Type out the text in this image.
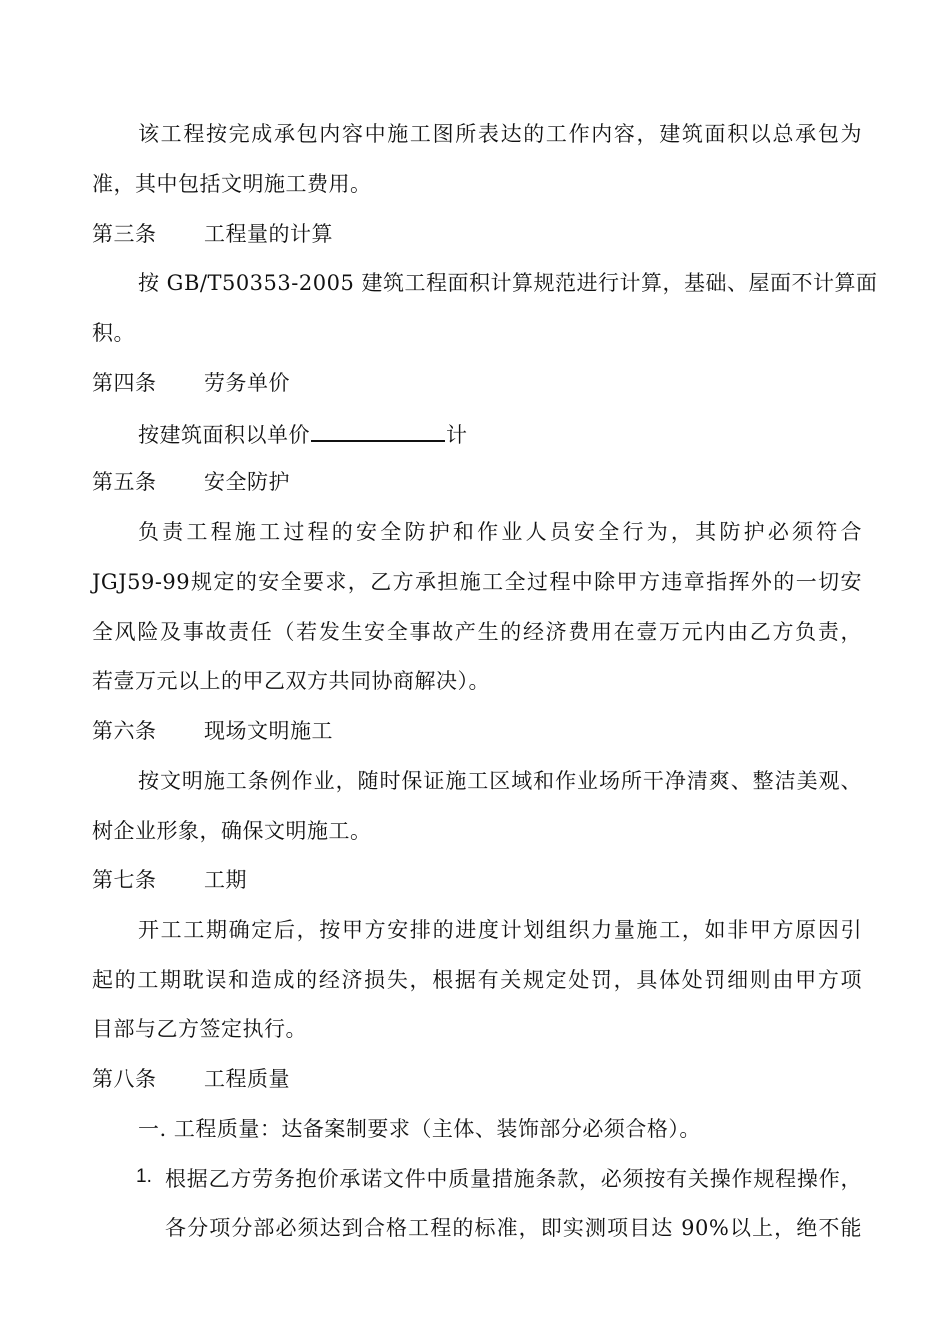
该工程按完成承包内容中施工图所表达的工作内容，建筑面积以总承包为
准，其中包括文明施工费用。
第三条 工程量的计算
按 GB/T50353-2005 建筑工程面积计算规范进行计算，基础、屋面不计算面
积。
第四条 劳务单价
按建筑面积以单价	计
第五条 安全防护
负责工程施工过程的安全防护和作业人员安全行为，其防护必须符合
JGJ59-99规定的安全要求，乙方承担施工全过程中除甲方违章指挥外的一切安
全风险及事故责任（若发生安全事故产生的经济费用在壹万元内由乙方负责，
若壹万元以上的甲乙双方共同协商解决）。
第六条 现场文明施工
按文明施工条例作业，随时保证施工区域和作业场所干净清爽、整洁美观、
树企业形象，确保文明施工。
第七条 工期
开工工期确定后，按甲方安排的进度计划组织力量施工，如非甲方原因引
起的工期耽误和造成的经济损失，根据有关规定处罚，具体处罚细则由甲方项
目部与乙方签定执行。
第八条 工程质量
一. 工程质量：达备案制要求（主体、装饰部分必须合格）。
1. 根据乙方劳务抱价承诺文件中质量措施条款，必须按有关操作规程操作，
各分项分部必须达到合格工程的标准，即实测项目达 90%以上，绝不能
